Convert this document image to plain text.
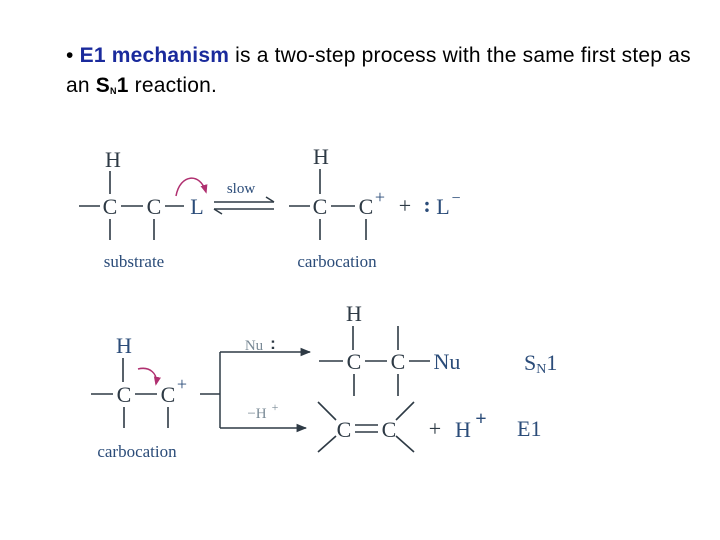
• E1 mechanism is a two-step process with the same first step as an $S_N1$ reaction.
H
C C L
substrate
slow
H
C C + + : L −
carbocation
H
C C +
carbocation
Nu :
−H +
H
C C Nu	SN1
C C + H + E1
